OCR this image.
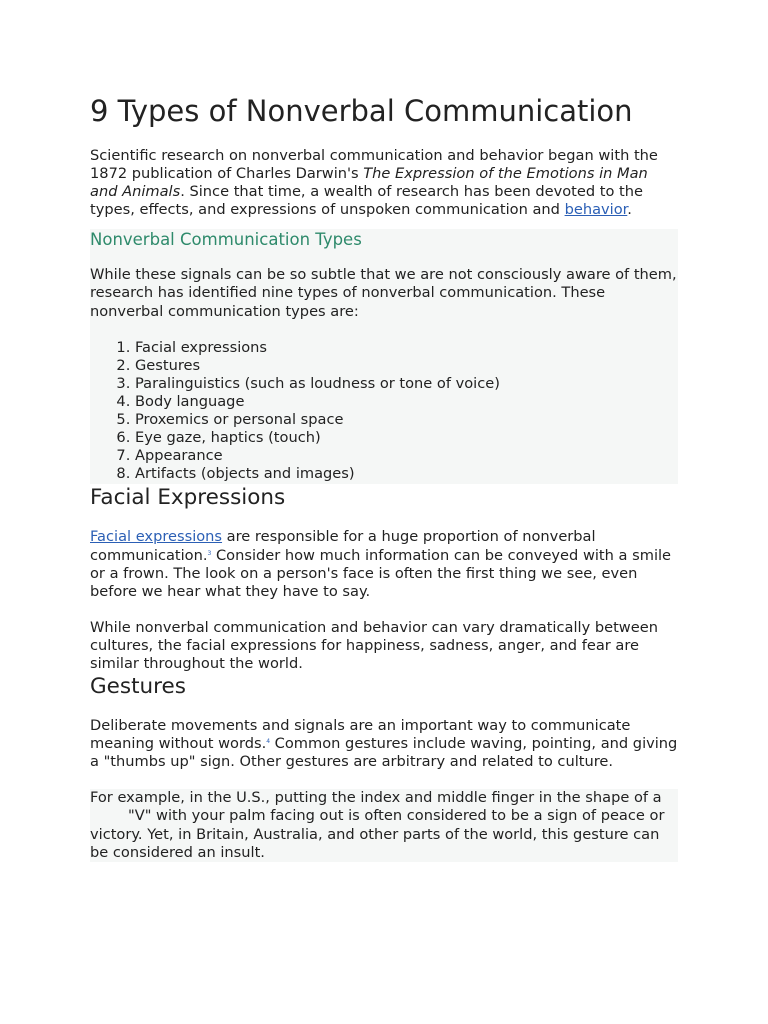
9 Types of Nonverbal Communication

Scientific research on nonverbal communication and behavior began with the 1872 publication of Charles Darwin's The Expression of the Emotions in Man and Animals. Since that time, a wealth of research has been devoted to the types, effects, and expressions of unspoken communication and behavior.

Nonverbal Communication Types

While these signals can be so subtle that we are not consciously aware of them, research has identified nine types of nonverbal communication. These nonverbal communication types are:

1. Facial expressions
2. Gestures
3. Paralinguistics (such as loudness or tone of voice)
4. Body language
5. Proxemics or personal space
6. Eye gaze, haptics (touch)
7. Appearance
8. Artifacts (objects and images)
Facial Expressions

Facial expressions are responsible for a huge proportion of nonverbal communication.$^3$ Consider how much information can be conveyed with a smile or a frown. The look on a person's face is often the first thing we see, even before we hear what they have to say.

While nonverbal communication and behavior can vary dramatically between cultures, the facial expressions for happiness, sadness, anger, and fear are similar throughout the world.

Gestures

Deliberate movements and signals are an important way to communicate meaning without words.$^4$ Common gestures include waving, pointing, and giving a "thumbs up" sign. Other gestures are arbitrary and related to culture.

For example, in the U.S., putting the index and middle finger in the shape of a"V" with your palm facing out is often considered to be a sign of peace or victory. Yet, in Britain, Australia, and other parts of the world, this gesture can be considered an insult.
